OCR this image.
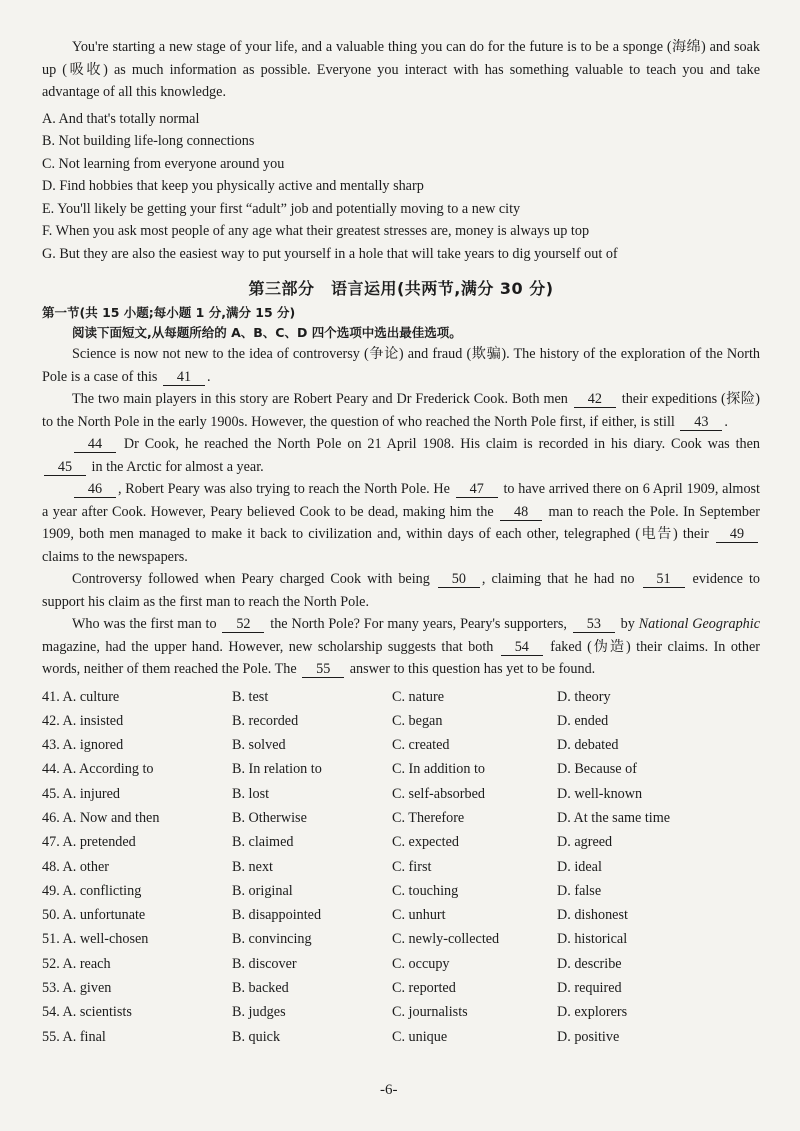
You're starting a new stage of your life, and a valuable thing you can do for the future is to be a sponge (海绵) and soak up (吸收) as much information as possible. Everyone you interact with has something valuable to teach you and take advantage of all this knowledge.

A. And that's totally normal

B. Not building life-long connections

C. Not learning from everyone around you

D. Find hobbies that keep you physically active and mentally sharp

E. You'll likely be getting your first “adult” job and potentially moving to a new city

F. When you ask most people of any age what their greatest stresses are, money is always up top

G. But they are also the easiest way to put yourself in a hole that will take years to dig yourself out of

第三部分　语言运用(共两节,满分 30 分)
第一节(共 15 小题;每小题 1 分,满分 15 分)
阅读下面短文,从每题所给的 A、B、C、D 四个选项中选出最佳选项。

Science is now not new to the idea of controversy (争论) and fraud (欺骗). The history of the exploration of the North Pole is a case of this 41 .

The two main players in this story are Robert Peary and Dr Frederick Cook. Both men 42 their expeditions (探险) to the North Pole in the early 1900s. However, the question of who reached the North Pole first, if either, is still 43 .

44 Dr Cook, he reached the North Pole on 21 April 1908. His claim is recorded in his diary. Cook was then 45 in the Arctic for almost a year.

46 , Robert Peary was also trying to reach the North Pole. He 47 to have arrived there on 6 April 1909, almost a year after Cook. However, Peary believed Cook to be dead, making him the 48 man to reach the Pole. In September 1909, both men managed to make it back to civilization and, within days of each other, telegraphed (电告) their 49 claims to the newspapers.

Controversy followed when Peary charged Cook with being 50 , claiming that he had no 51 evidence to support his claim as the first man to reach the North Pole.

Who was the first man to 52 the North Pole? For many years, Peary's supporters, 53 by National Geographic magazine, had the upper hand. However, new scholarship suggests that both 54 faked (伪造) their claims. In other words, neither of them reached the Pole. The 55 answer to this question has yet to be found.

41. A. culture	B. test	C. nature	D. theory
42. A. insisted	B. recorded	C. began	D. ended
43. A. ignored	B. solved	C. created	D. debated
44. A. According to	B. In relation to	C. In addition to	D. Because of
45. A. injured	B. lost	C. self-absorbed	D. well-known
46. A. Now and then	B. Otherwise	C. Therefore	D. At the same time
47. A. pretended	B. claimed	C. expected	D. agreed
48. A. other	B. next	C. first	D. ideal
49. A. conflicting	B. original	C. touching	D. false
50. A. unfortunate	B. disappointed	C. unhurt	D. dishonest
51. A. well-chosen	B. convincing	C. newly-collected	D. historical
52. A. reach	B. discover	C. occupy	D. describe
53. A. given	B. backed	C. reported	D. required
54. A. scientists	B. judges	C. journalists	D. explorers
55. A. final	B. quick	C. unique	D. positive
-6-
